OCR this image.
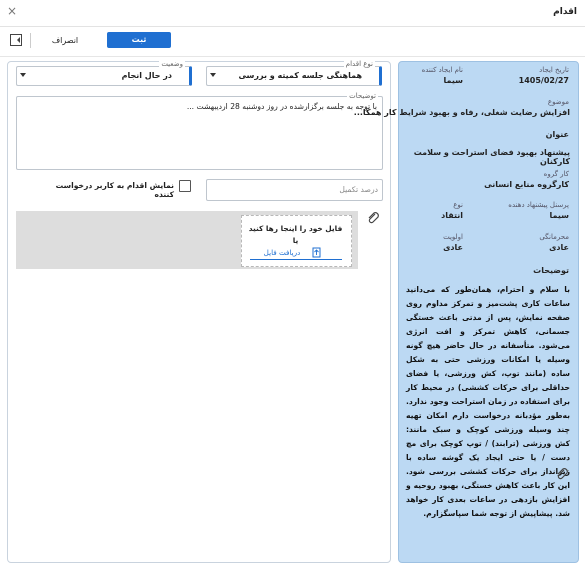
اقدام
×
ثبت
انصراف
نوع اقدام
هماهنگی جلسه کمیته و بررسی
وضعیت
در حال انجام
توضیحات
با توجه به جلسه برگزارشده در روز دوشنبه 28 اردیبهشت ...
درصد تکمیل
نمایش اقدام به کاربر درخواست کننده
فایل خود را اینجا رها کنید
یا
دریافت فایل
تاریخ ایجاد
1405/02/27
نام ایجاد کننده
سیما
موضوع
افزایش رضایت شغلی، رفاه و بهبود شرایط کار همکا...
عنوان
پیشنهاد بهبود فضای استراحت و سلامت کارکنان
کار گروه
کارگروه منابع انسانی
پرسنل پیشنهاد دهنده
سیما
نوع
انتقاد
محرمانگی
عادی
اولویت
عادی
توضیحات
با سلام و احترام، همان‌طور که می‌دانید ساعات کاری پشت‌میز و تمرکز مداوم روی صفحه نمایش، پس از مدتی باعث خستگی جسمانی، کاهش تمرکز و افت انرژی می‌شود. متأسفانه در حال حاضر هیچ گونه وسیله یا امکانات ورزشی حتی به شکل ساده (مانند توپ، کش ورزشی، یا فضای حداقلی برای حرکات کششی) در محیط کار برای استفاده در زمان استراحت وجود ندارد. به‌طور مؤدبانه درخواست دارم امکان تهیه چند وسیله ورزشی کوچک و سبک مانند: کش ورزشی (ترابند) / توپ کوچک برای مچ دست / یا حتی ایجاد یک گوشه ساده با زیرانداز برای حرکات کششی بررسی شود. این کار باعث کاهش خستگی، بهبود روحیه و افزایش بازدهی در ساعات بعدی کار خواهد شد. پیشاپیش از توجه شما سپاسگزارم.
